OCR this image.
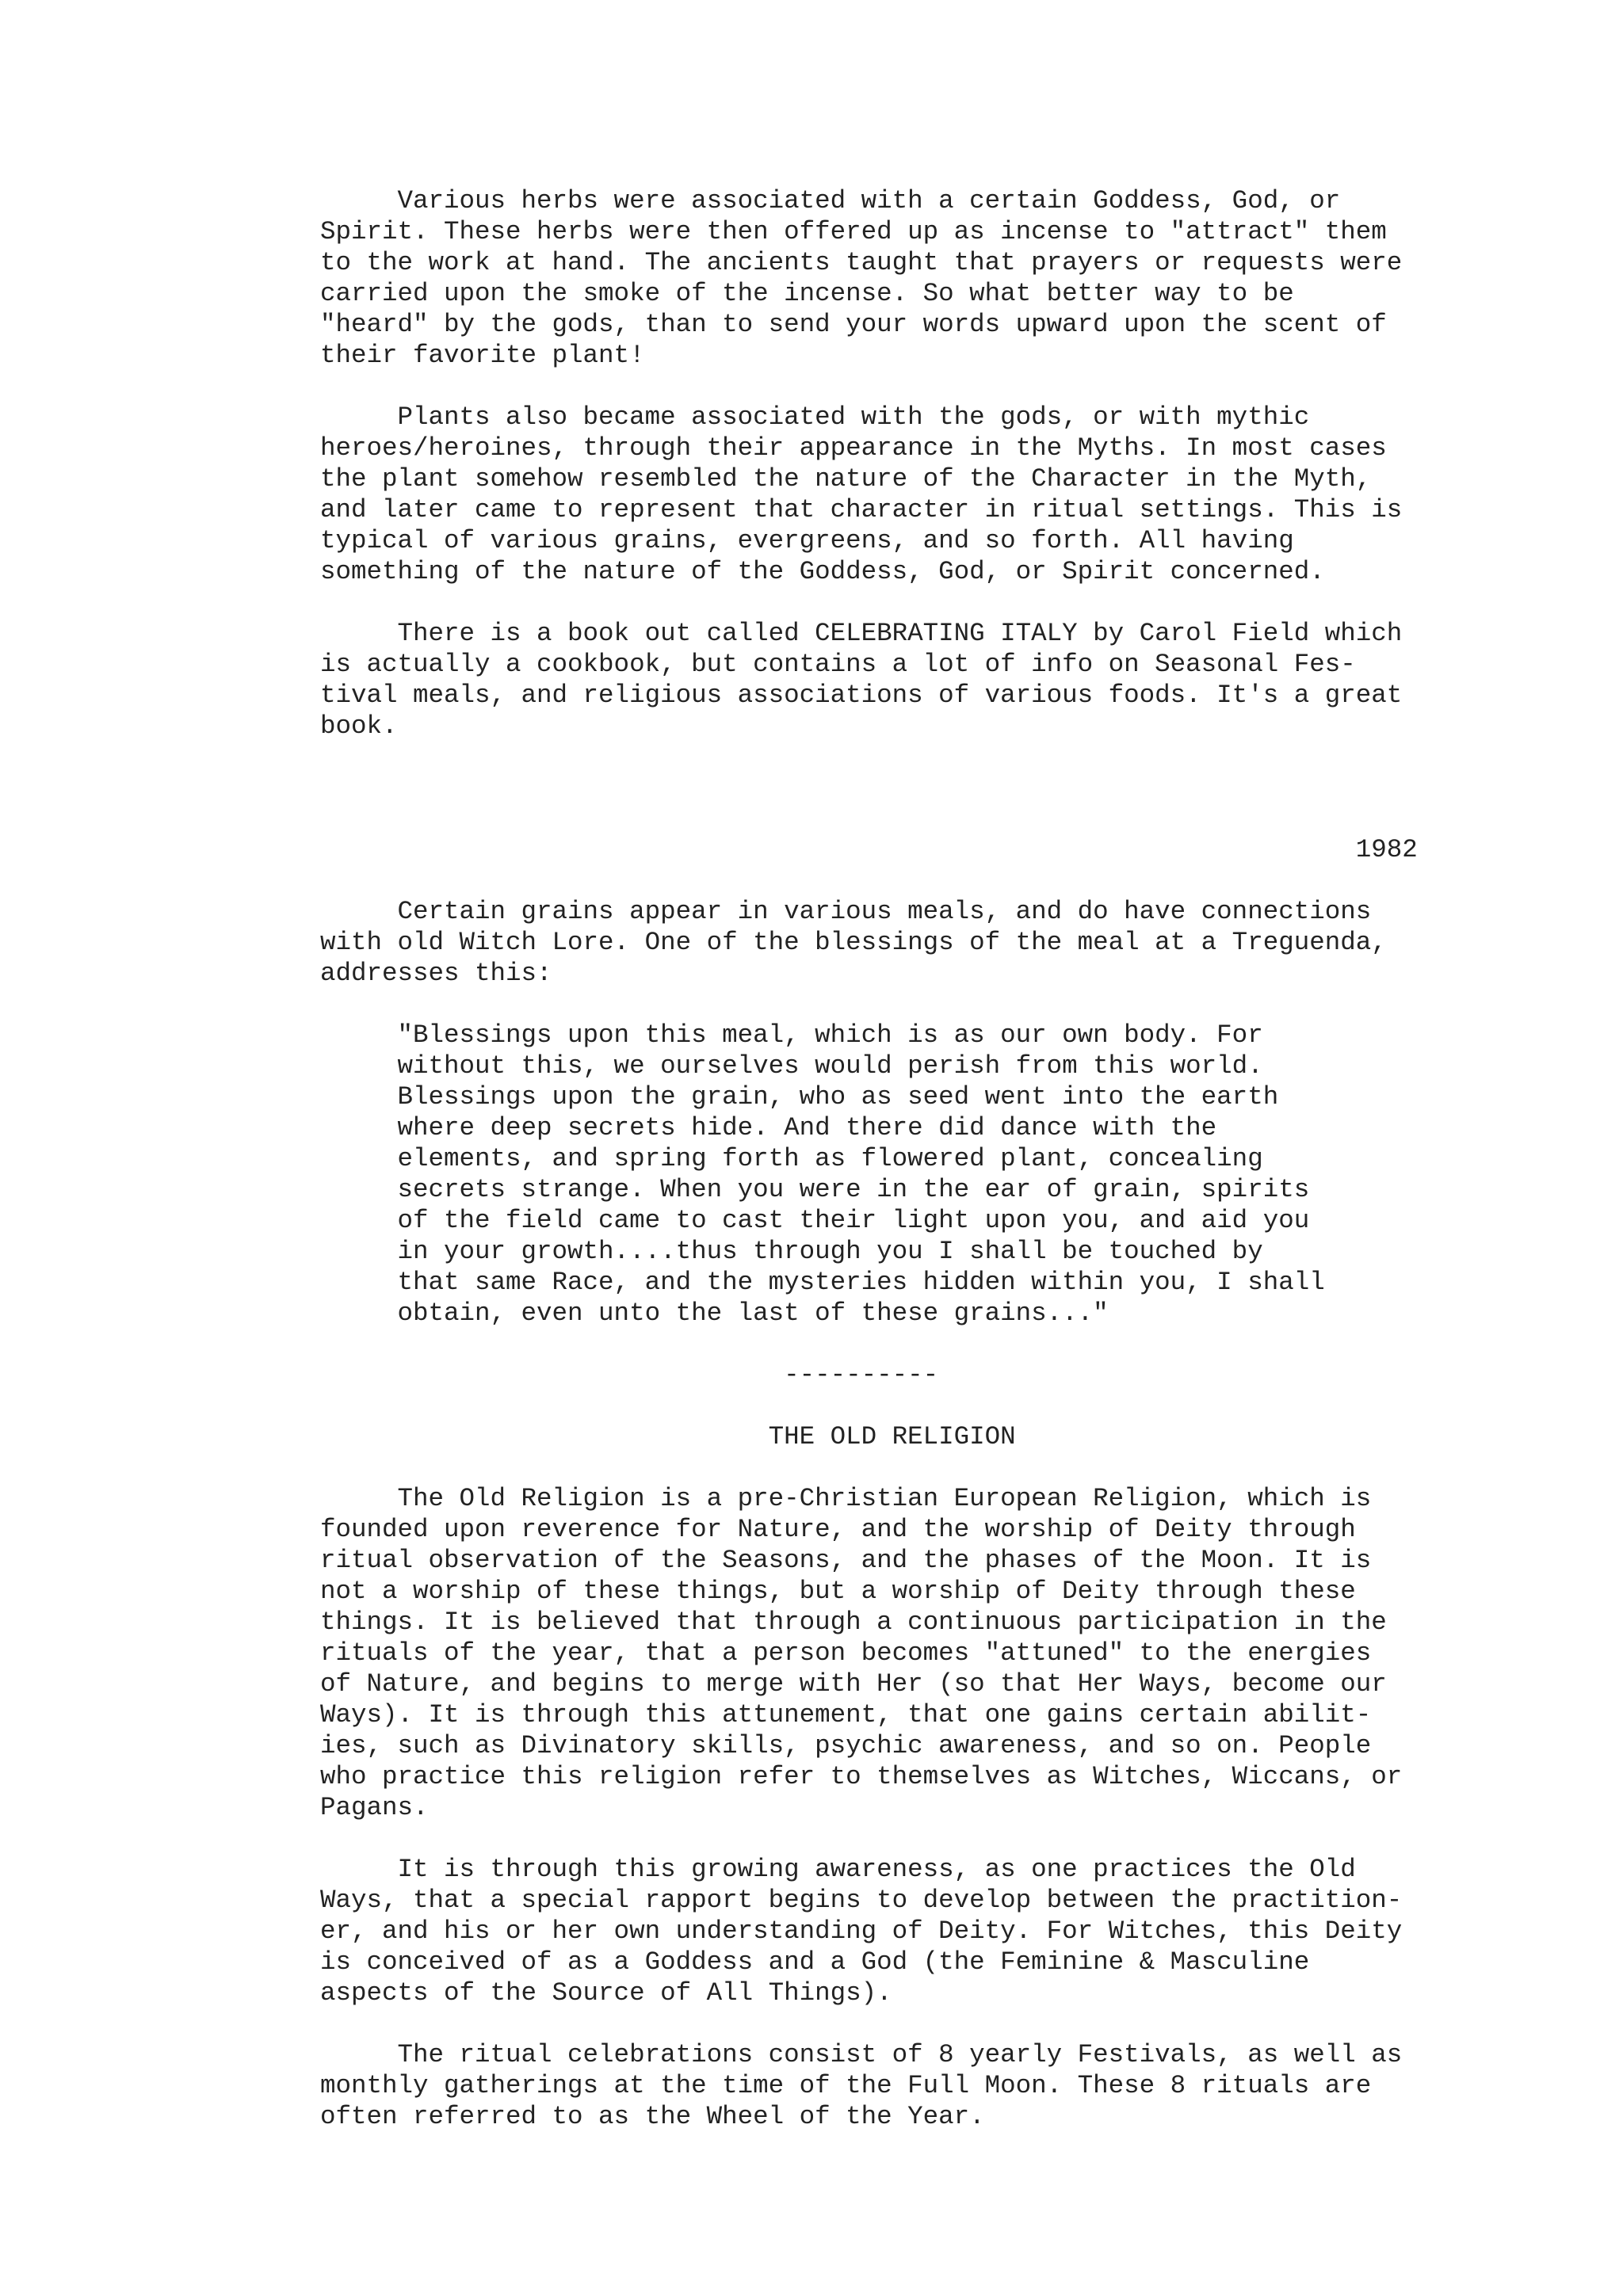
Various herbs were associated with a certain Goddess, God, or
Spirit. These herbs were then offered up as incense to "attract" them
to the work at hand. The ancients taught that prayers or requests were
carried upon the smoke of the incense. So what better way to be
"heard" by the gods, than to send your words upward upon the scent of
their favorite plant!
Plants also became associated with the gods, or with mythic
heroes/heroines, through their appearance in the Myths. In most cases
the plant somehow resembled the nature of the Character in the Myth,
and later came to represent that character in ritual settings. This is
typical of various grains, evergreens, and so forth. All having
something of the nature of the Goddess, God, or Spirit concerned.
There is a book out called CELEBRATING ITALY by Carol Field which
is actually a cookbook, but contains a lot of info on Seasonal Fes-
tival meals, and religious associations of various foods. It's a great
book.
1982
Certain grains appear in various meals, and do have connections
with old Witch Lore. One of the blessings of the meal at a Treguenda,
addresses this:
"Blessings upon this meal, which is as our own body. For
without this, we ourselves would perish from this world.
Blessings upon the grain, who as seed went into the earth
where deep secrets hide. And there did dance with the
elements, and spring forth as flowered plant, concealing
secrets strange. When you were in the ear of grain, spirits
of the field came to cast their light upon you, and aid you
in your growth....thus through you I shall be touched by
that same Race, and the mysteries hidden within you, I shall
obtain, even unto the last of these grains..."
----------
THE OLD RELIGION
The Old Religion is a pre-Christian European Religion, which is
founded upon reverence for Nature, and the worship of Deity through
ritual observation of the Seasons, and the phases of the Moon. It is
not a worship of these things, but a worship of Deity through these
things. It is believed that through a continuous participation in the
rituals of the year, that a person becomes "attuned" to the energies
of Nature, and begins to merge with Her (so that Her Ways, become our
Ways). It is through this attunement, that one gains certain abilit-
ies, such as Divinatory skills, psychic awareness, and so on. People
who practice this religion refer to themselves as Witches, Wiccans, or
Pagans.
It is through this growing awareness, as one practices the Old
Ways, that a special rapport begins to develop between the practition-
er, and his or her own understanding of Deity. For Witches, this Deity
is conceived of as a Goddess and a God (the Feminine & Masculine
aspects of the Source of All Things).
The ritual celebrations consist of 8 yearly Festivals, as well as
monthly gatherings at the time of the Full Moon. These 8 rituals are
often referred to as the Wheel of the Year.
